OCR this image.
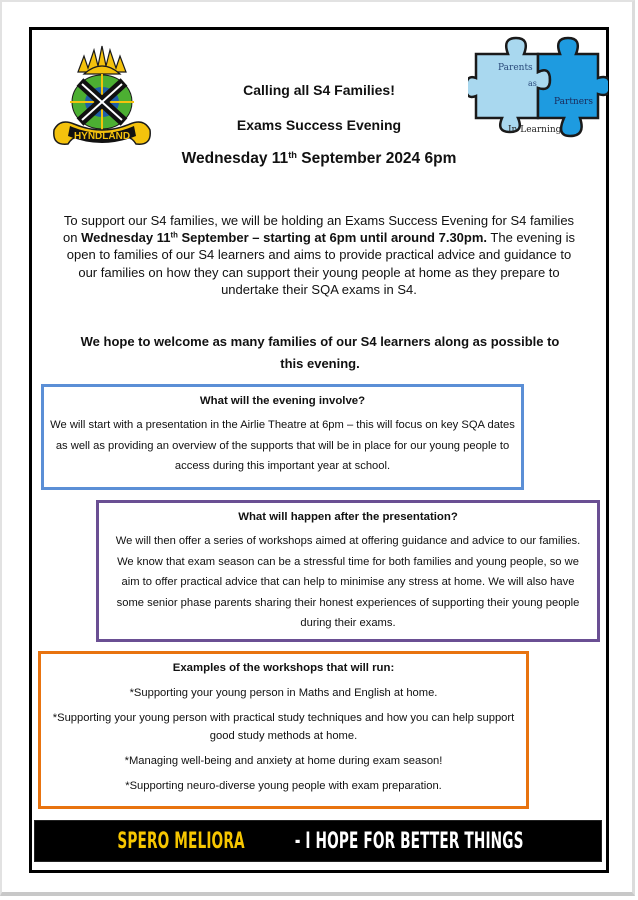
HYNDLAND
Parents
as
Partners
In Learning
Calling all S4 Families!
Exams Success Evening
Wednesday 11th September 2024 6pm
To support our S4 families, we will be holding an Exams Success Evening for S4 families on Wednesday 11th September – starting at 6pm until around 7.30pm. The evening is open to families of our S4 learners and aims to provide practical advice and guidance to our families on how they can support their young people at home as they prepare to undertake their SQA exams in S4.
We hope to welcome as many families of our S4 learners along as possible to this evening.
What will the evening involve?

We will start with a presentation in the Airlie Theatre at 6pm – this will focus on key SQA dates as well as providing an overview of the supports that will be in place for our young people to access during this important year at school.

What will happen after the presentation?

We will then offer a series of workshops aimed at offering guidance and advice to our families. We know that exam season can be a stressful time for both families and young people, so we aim to offer practical advice that can help to minimise any stress at home. We will also have some senior phase parents sharing their honest experiences of supporting their young people during their exams.

Examples of the workshops that will run:

*Supporting your young person in Maths and English at home.

*Supporting your young person with practical study techniques and how you can help support good study methods at home.

*Managing well-being and anxiety at home during exam season!

*Supporting neuro-diverse young people with exam preparation.

SPERO MELIORA- I HOPE FOR BETTER THINGS
